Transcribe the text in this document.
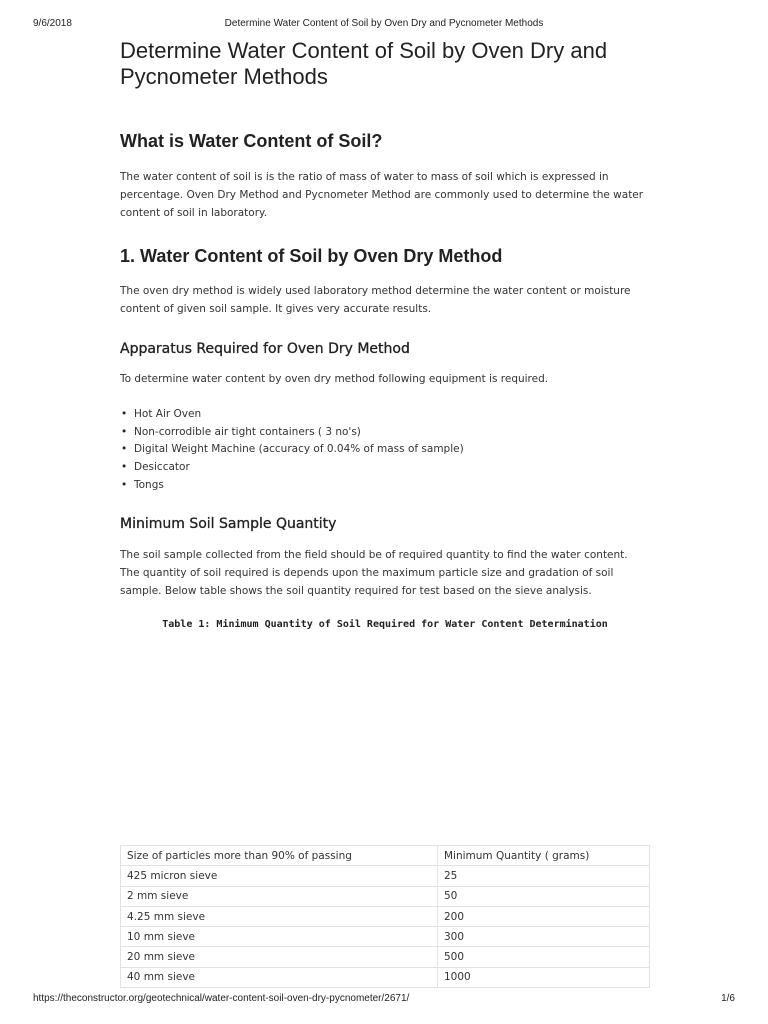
9/6/2018	Determine Water Content of Soil by Oven Dry and Pycnometer Methods
Determine Water Content of Soil by Oven Dry and Pycnometer Methods
What is Water Content of Soil?

The water content of soil is is the ratio of mass of water to mass of soil which is expressed in percentage. Oven Dry Method and Pycnometer Method are commonly used to determine the water content of soil in laboratory.

1. Water Content of Soil by Oven Dry Method

The oven dry method is widely used laboratory method determine the water content or moisture content of given soil sample. It gives very accurate results.

Apparatus Required for Oven Dry Method

To determine water content by oven dry method following equipment is required.

• Hot Air Oven
• Non-corrodible air tight containers ( 3 no's)
• Digital Weight Machine (accuracy of 0.04% of mass of sample)
• Desiccator
• Tongs
Minimum Soil Sample Quantity

The soil sample collected from the field should be of required quantity to find the water content. The quantity of soil required is depends upon the maximum particle size and gradation of soil sample. Below table shows the soil quantity required for test based on the sieve analysis.

Table 1: Minimum Quantity of Soil Required for Water Content Determination
Size of particles more than 90% of passing	Minimum Quantity ( grams)
425 micron sieve	25
2 mm sieve	50
4.25 mm sieve	200
10 mm sieve	300
20 mm sieve	500
40 mm sieve	1000
https://theconstructor.org/geotechnical/water-content-soil-oven-dry-pycnometer/2671/	1/6
